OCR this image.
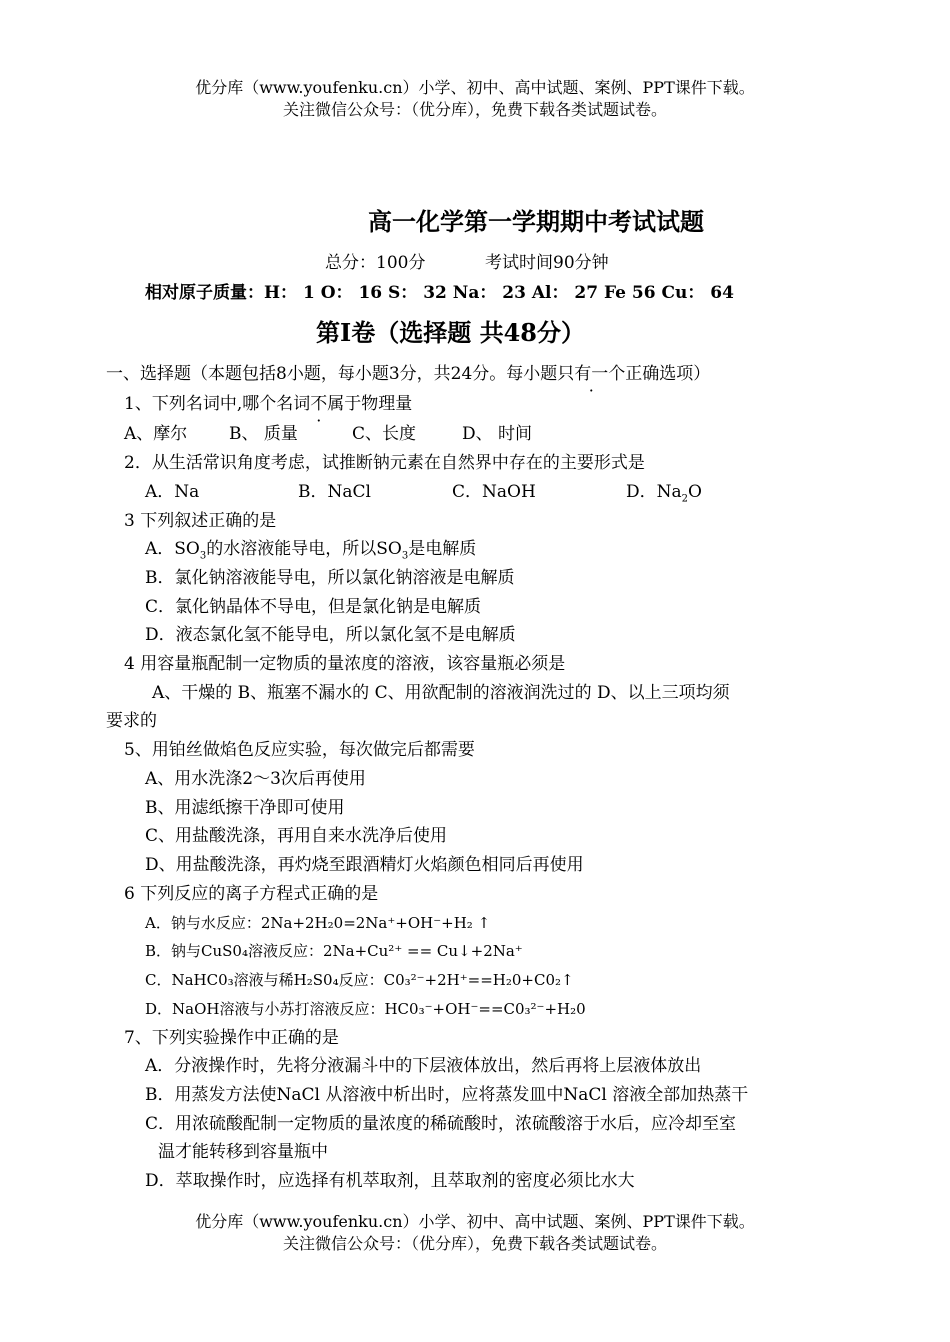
优分库（www.youfenku.cn）小学、初中、高中试题、案例、PPT课件下载。
关注微信公众号：（优分库），免费下载各类试题试卷。
高一化学第一学期期中考试试题
总分：100分	考试时间90分钟
相对原子质量：H： 1 O： 16 S： 32 Na： 23 Al： 27 Fe 56 Cu： 64
第Ⅰ卷（选择题 共48分）
一、选择题（本题包括8小题，每小题3分，共24分。每小题只有一个正确选项）
1、下列名词中,哪个名词不属于物理量
A、摩尔 B、 质量	C、长度	D、 时间
2．从生活常识角度考虑，试推断钠元素在自然界中存在的主要形式是
A．Na	B．NaCl	C．NaOH	D．$Na_2O$
3 下列叙述正确的是
A．$SO_3$的水溶液能导电，所以$SO_3$是电解质
B．氯化钠溶液能导电，所以氯化钠溶液是电解质
C．氯化钠晶体不导电，但是氯化钠是电解质
D．液态氯化氢不能导电，所以氯化氢不是电解质
4 用容量瓶配制一定物质的量浓度的溶液，该容量瓶必须是
A、干燥的 B、瓶塞不漏水的 C、用欲配制的溶液润洗过的 D、以上三项均须
要求的
5、用铂丝做焰色反应实验，每次做完后都需要
A、用水洗涤2～3次后再使用
B、用滤纸擦干净即可使用
C、用盐酸洗涤，再用自来水洗净后使用
D、用盐酸洗涤，再灼烧至跟酒精灯火焰颜色相同后再使用
6 下列反应的离子方程式正确的是
A．钠与水反应：2Na+2H₂0=2Na⁺+OH⁻+H₂ ↑
B．钠与CuS0₄溶液反应：2Na+Cu²⁺ == Cu↓+2Na⁺
C．NaHC0₃溶液与稀H₂S0₄反应：C0₃²⁻+2H⁺==H₂0+C0₂↑
D．NaOH溶液与小苏打溶液反应：HC0₃⁻+OH⁻==C0₃²⁻+H₂0
7、下列实验操作中正确的是
A．分液操作时，先将分液漏斗中的下层液体放出，然后再将上层液体放出
B．用蒸发方法使NaCl 从溶液中析出时，应将蒸发皿中NaCl 溶液全部加热蒸干
C．用浓硫酸配制一定物质的量浓度的稀硫酸时，浓硫酸溶于水后，应冷却至室
温才能转移到容量瓶中
D．萃取操作时，应选择有机萃取剂，且萃取剂的密度必须比水大
优分库（www.youfenku.cn）小学、初中、高中试题、案例、PPT课件下载。
关注微信公众号：（优分库），免费下载各类试题试卷。
